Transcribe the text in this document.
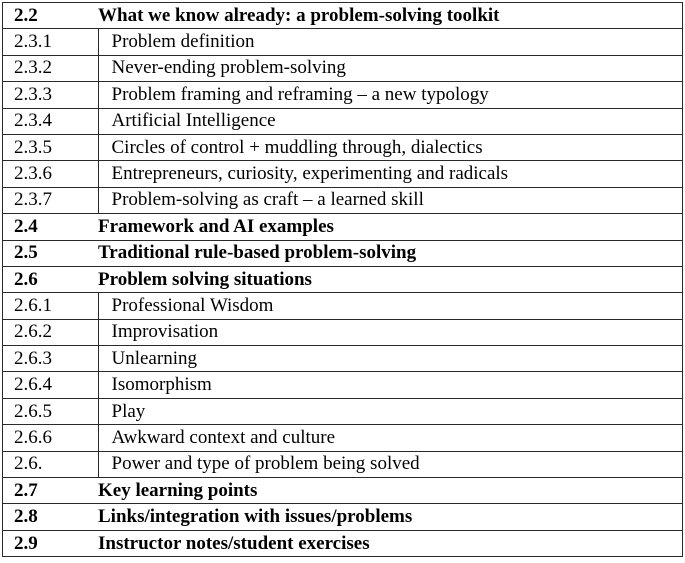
2.2	What we know already: a problem-solving toolkit
2.3.1	Problem definition
2.3.2	Never-ending problem-solving
2.3.3	Problem framing and reframing – a new typology
2.3.4	Artificial Intelligence
2.3.5	Circles of control + muddling through, dialectics
2.3.6	Entrepreneurs, curiosity, experimenting and radicals
2.3.7	Problem-solving as craft – a learned skill
2.4	Framework and AI examples
2.5	Traditional rule-based problem-solving
2.6	Problem solving situations
2.6.1	Professional Wisdom
2.6.2	Improvisation
2.6.3	Unlearning
2.6.4	Isomorphism
2.6.5	Play
2.6.6	Awkward context and culture
2.6.	Power and type of problem being solved
2.7	Key learning points
2.8	Links/integration with issues/problems
2.9	Instructor notes/student exercises
